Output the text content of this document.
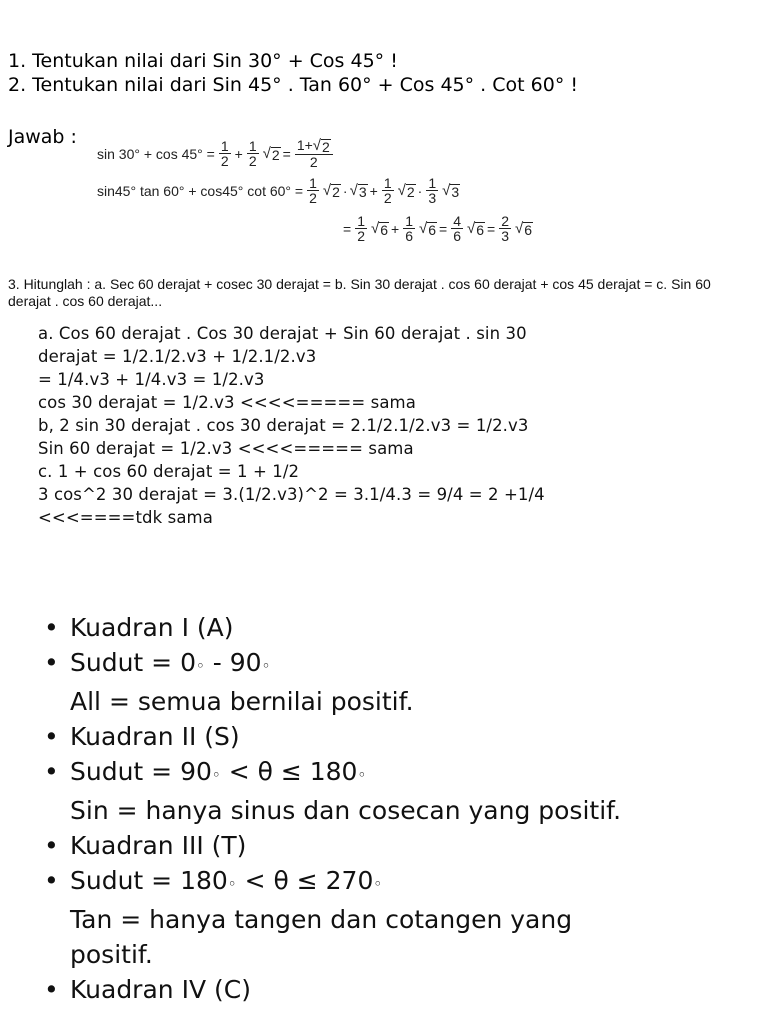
1. Tentukan nilai dari Sin 30° + Cos 45° !
2. Tentukan nilai dari Sin 45° . Tan 60° + Cos 45° . Cot 60° !
Jawab :
$\sin 30^\circ + \cos 45^\circ = \frac{1}{2} + \frac{1}{2}$ √ $2 = \frac{1+ √ 2}{2}$
sin45° tan 60° + cos45° $\cot 60^\circ = \frac{1}{2}$ √ 2 · √ $3 + \frac{1}{2}$ √ $2 \cdot \frac{1}{3}$ √ 3
= $\frac{1}{2}$ √ $6 + \frac{1}{6}$ √ $6 = \frac{4}{6}$ √ $6 = \frac{2}{3}$ √ 6
3. Hitunglah : a. Sec 60 derajat + cosec 30 derajat = b. Sin 30 derajat . cos 60 derajat + cos 45 derajat = c. Sin 60 derajat . cos 60 derajat...
a. Cos 60 derajat . Cos 30 derajat + Sin 60 derajat . sin 30
derajat = 1/2.1/2.v3 + 1/2.1/2.v3
= 1/4.v3 + 1/4.v3 = 1/2.v3
cos 30 derajat = 1/2.v3 <<<<===== sama
b, 2 sin 30 derajat . cos 30 derajat = 2.1/2.1/2.v3 = 1/2.v3
Sin 60 derajat = 1/2.v3 <<<<===== sama
c. 1 + cos 60 derajat = 1 + 1/2
3 cos^2 30 derajat = 3.(1/2.v3)^2 = 3.1/4.3 = 9/4 = 2 +1/4
<<<====tdk sama
• Kuadran I (A)
• Sudut = 0◦ - 90◦
All = semua bernilai positif.
• Kuadran II (S)
• Sudut = 90◦ < θ ≤ 180◦
Sin = hanya sinus dan cosecan yang positif.
• Kuadran III (T)
• Sudut = 180◦ < θ ≤ 270◦
Tan = hanya tangen dan cotangen yang
positif.
• Kuadran IV (C)
